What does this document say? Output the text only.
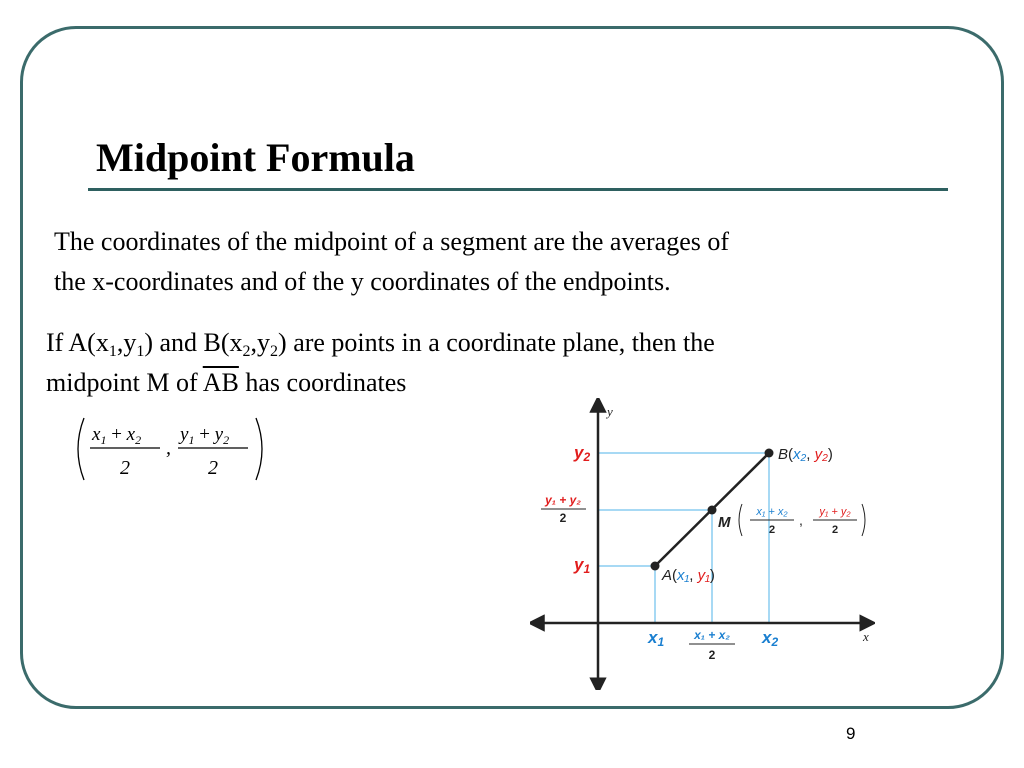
Midpoint Formula
The coordinates of the midpoint of a segment are the averages of
the x-coordinates and of the y coordinates of the endpoints.
If $A(x_1,y_1)$ and $B(x_2,y_2)$ are points in a coordinate plane, then the
midpoint M of $\overline{AB}$ has coordinates
$x_1 + x_2$
2
,
$y_1 + y_2$
2
x
y
x1 x₁ + x₂
2
x2
y2
y₁ + y₂
2
y1
B(x₂, y₂)
A(x₁, y₁)
M
x₁ + x₂
2
, y₁ + y₂
2
9
